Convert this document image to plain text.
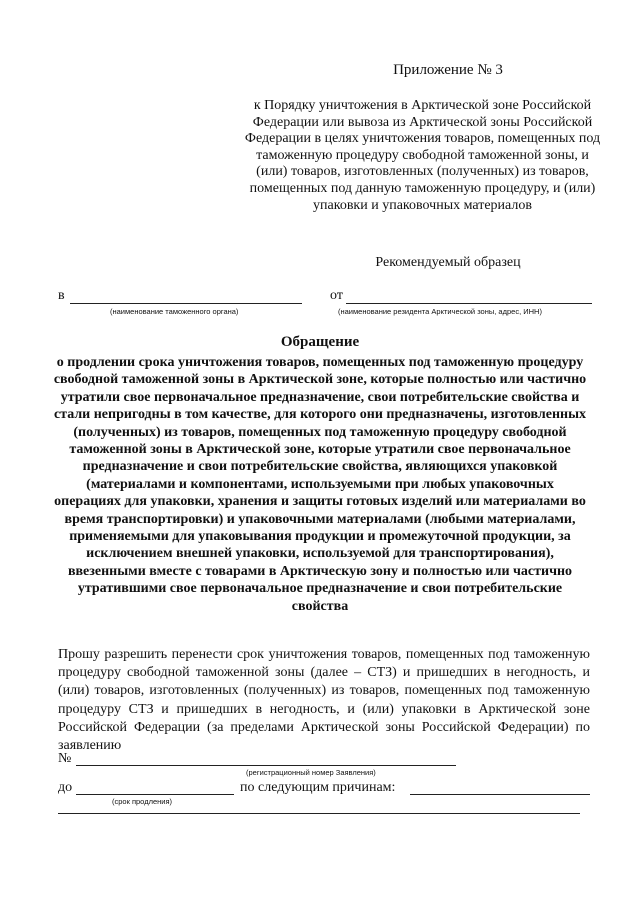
Приложение № 3
к Порядку уничтожения в Арктической зоне Российской Федерации или вывоза из Арктической зоны Российской Федерации в целях уничтожения товаров, помещенных под таможенную процедуру свободной таможенной зоны, и (или) товаров, изготовленных (полученных) из товаров, помещенных под данную таможенную процедуру, и (или) упаковки и упаковочных материалов
Рекомендуемый образец
в
(наименование таможенного органа)
от
(наименование резидента Арктической зоны, адрес, ИНН)
Обращение
о продлении срока уничтожения товаров, помещенных под таможенную процедуру свободной таможенной зоны в Арктической зоне, которые полностью или частично утратили свое первоначальное предназначение, свои потребительские свойства и стали непригодны в том качестве, для которого они предназначены, изготовленных (полученных) из товаров, помещенных под таможенную процедуру свободной таможенной зоны в Арктической зоне, которые утратили свое первоначальное предназначение и свои потребительские свойства, являющихся упаковкой (материалами и компонентами, используемыми при любых упаковочных операциях для упаковки, хранения и защиты готовых изделий или материалами во время транспортировки) и упаковочными материалами (любыми материалами, применяемыми для упаковывания продукции и промежуточной продукции, за исключением внешней упаковки, используемой для транспортирования), ввезенными вместе с товарами в Арктическую зону и полностью или частично утратившими свое первоначальное предназначение и свои потребительские свойства
Прошу разрешить перенести срок уничтожения товаров, помещенных под таможенную процедуру свободной таможенной зоны (далее – СТЗ) и пришедших в негодность, и (или) товаров, изготовленных (полученных) из товаров, помещенных под таможенную процедуру СТЗ и пришедших в негодность, и (или) упаковки в Арктической зоне Российской Федерации (за пределами Арктической зоны Российской Федерации) по заявлению
№
(регистрационный номер Заявления)
до	по следующим причинам:
(срок продления)
